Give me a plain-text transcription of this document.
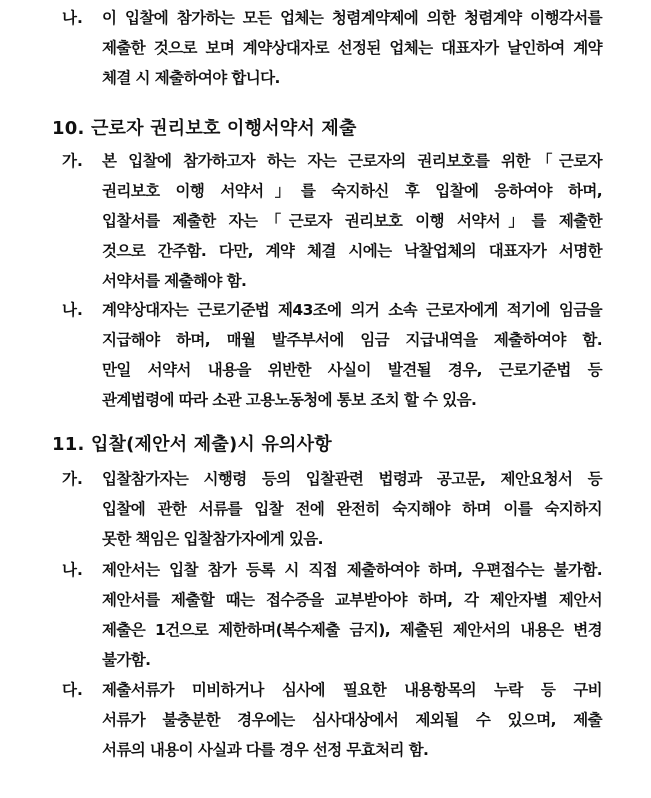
나. 이 입찰에 참가하는 모든 업체는 청렴계약제에 의한 청렴계약 이행각서를
제출한 것으로 보며 계약상대자로 선정된 업체는 대표자가 날인하여 계약
체결 시 제출하여야 합니다.
10. 근로자 권리보호 이행서약서 제출
가. 본 입찰에 참가하고자 하는 자는 근로자의 권리보호를 위한「근로자
권리보호 이행 서약서」를 숙지하신 후 입찰에 응하여야 하며,
입찰서를 제출한 자는「근로자 권리보호 이행 서약서」를 제출한
것으로 간주함. 다만, 계약 체결 시에는 낙찰업체의 대표자가 서명한
서약서를 제출해야 함.
나. 계약상대자는 근로기준법 제43조에 의거 소속 근로자에게 적기에 임금을
지급해야 하며, 매월 발주부서에 임금 지급내역을 제출하여야 함.
만일 서약서 내용을 위반한 사실이 발견될 경우, 근로기준법 등
관계법령에 따라 소관 고용노동청에 통보 조치 할 수 있음.
11. 입찰(제안서 제출)시 유의사항
가. 입찰참가자는 시행령 등의 입찰관련 법령과 공고문, 제안요청서 등
입찰에 관한 서류를 입찰 전에 완전히 숙지해야 하며 이를 숙지하지
못한 책임은 입찰참가자에게 있음.
나. 제안서는 입찰 참가 등록 시 직접 제출하여야 하며, 우편접수는 불가함.
제안서를 제출할 때는 접수증을 교부받아야 하며, 각 제안자별 제안서
제출은 1건으로 제한하며(복수제출 금지), 제출된 제안서의 내용은 변경
불가함.
다. 제출서류가 미비하거나 심사에 필요한 내용항목의 누락 등 구비
서류가 불충분한 경우에는 심사대상에서 제외될 수 있으며, 제출
서류의 내용이 사실과 다를 경우 선정 무효처리 함.
